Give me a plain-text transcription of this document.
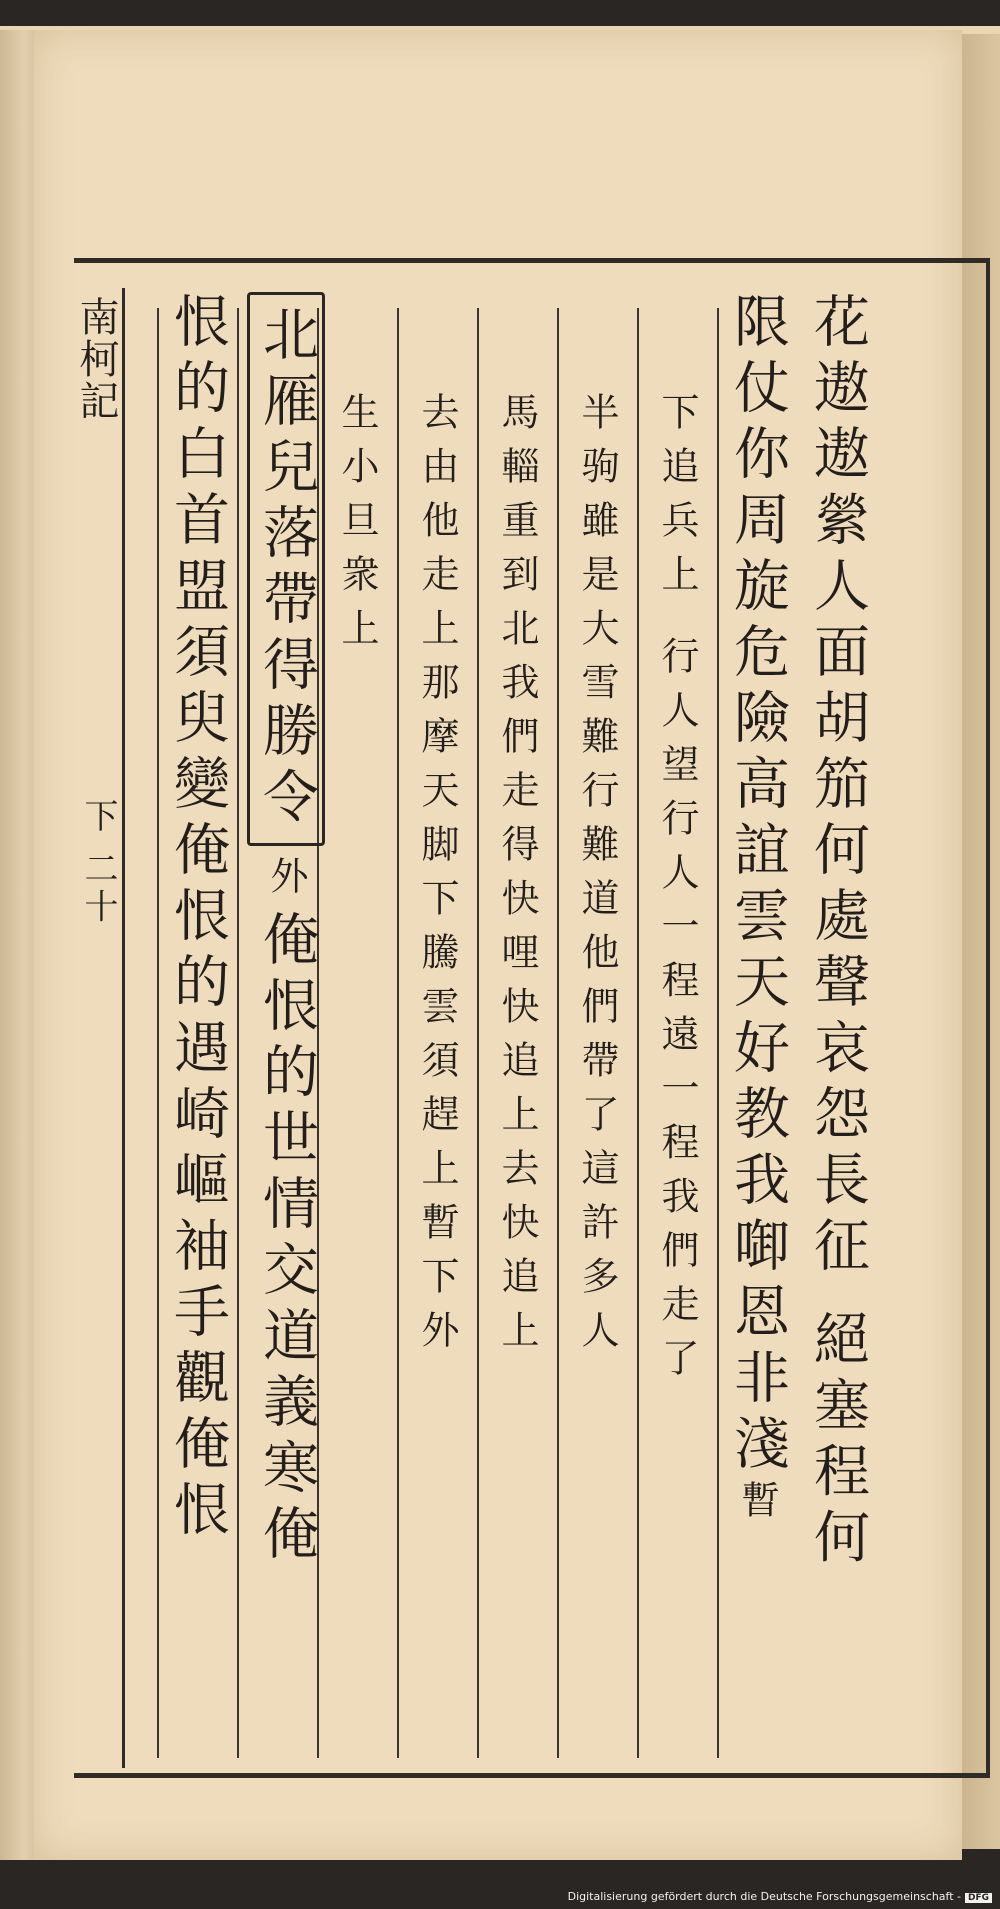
南柯記
下 二十	花遨遨縈人面胡笳何處聲哀怨長征 絕塞程何
限仗你周旋危險高誼雲天好教我啣恩非淺暫
下追兵上 行人望行人一程遠一程我們走了
半驹雖是大雪難行難道他們帶了這許多人
馬輜重到北我們走得快哩快追上去快追上
去由他走上那摩天脚下騰雲須趕上暫下外
生小旦衆上
北雁兒落帶得勝令外俺恨的世情交道義寒俺
恨的白首盟須臾變俺恨的遇崎嶇袖手觀俺恨
Digitalisierung gefördert durch die Deutsche Forschungsgemeinschaft - DFG
